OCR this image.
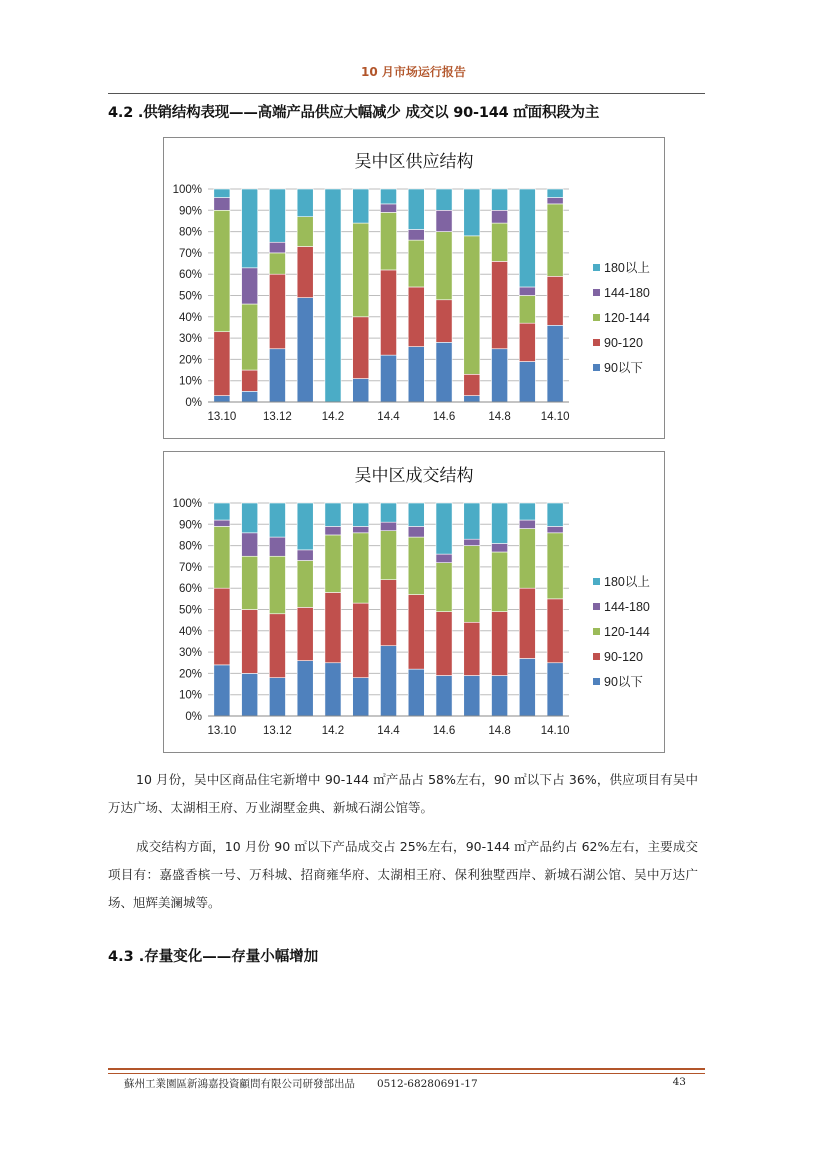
10 月市场运行报告
4.2 .供销结构表现——高端产品供应大幅减少 成交以 90-144 ㎡面积段为主
吴中区供应结构
0%
10%
20%
30%
40%
50%
60%
70%
80%
90%
100%
13.10 13.12	14.2	14.4	14.6	14.8	14.10
180以上
144-180
120-144
90-120
90以下
吴中区成交结构
0%
10%
20%
30%
40%
50%
60%
70%
80%
90%
100%
13.10 13.12	14.2	14.4	14.6	14.8	14.10
180以上
144-180
120-144
90-120
90以下
10 月份，吴中区商品住宅新增中 90-144 ㎡产品占 58%左右，90 ㎡以下占 36%，供应项目有吴中万达广场、太湖相王府、万业湖墅金典、新城石湖公馆等。
成交结构方面，10 月份 90 ㎡以下产品成交占 25%左右，90-144 ㎡产品约占 62%左右，主要成交项目有：嘉盛香槟一号、万科城、招商雍华府、太湖相王府、保利独墅西岸、新城石湖公馆、吴中万达广场、旭辉美澜城等。
4.3 .存量变化——存量小幅增加
蘇州工業園區新鴻嘉投資顧問有限公司研發部出品 0512-68280691-17	43
